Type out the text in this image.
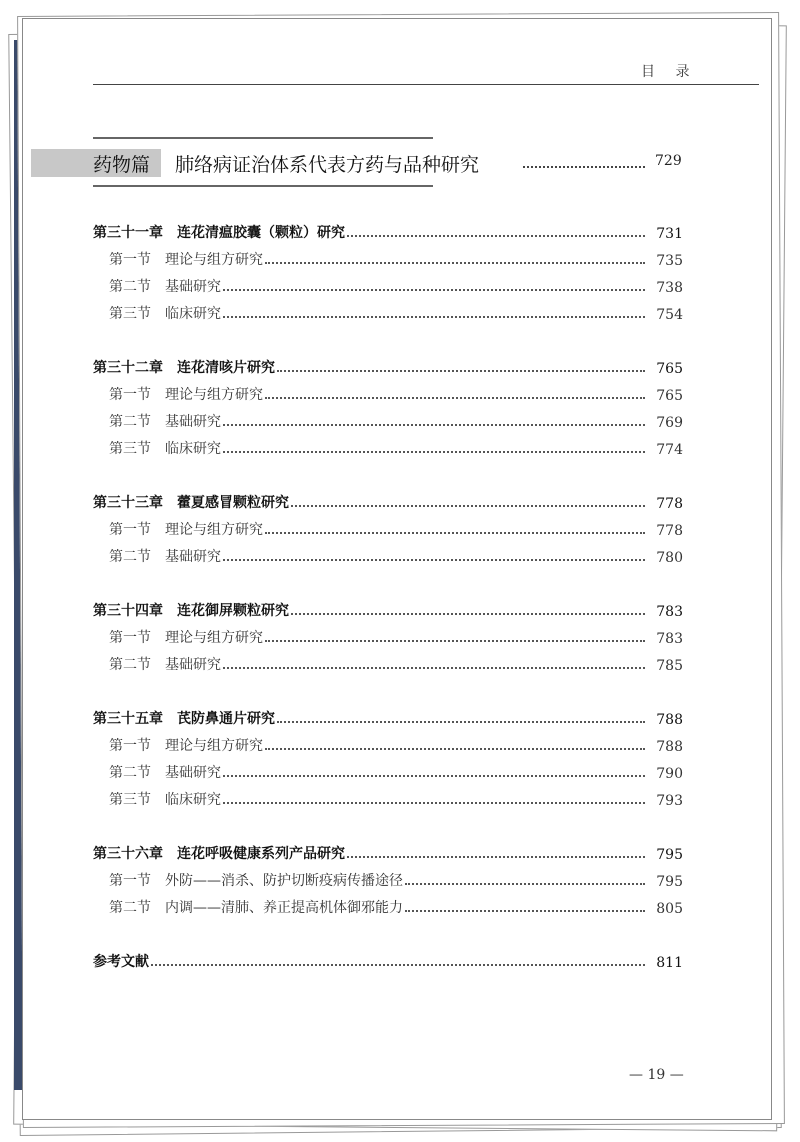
目 录
药物篇 肺络病证治体系代表方药与品种研究	729
第三十一章 连花清瘟胶囊（颗粒）研究	731
第一节 理论与组方研究	735
第二节 基础研究	738
第三节 临床研究	754
第三十二章 连花清咳片研究	765
第一节 理论与组方研究	765
第二节 基础研究	769
第三节 临床研究	774
第三十三章 藿夏感冒颗粒研究	778
第一节 理论与组方研究	778
第二节 基础研究	780
第三十四章 连花御屏颗粒研究	783
第一节 理论与组方研究	783
第二节 基础研究	785
第三十五章 芪防鼻通片研究	788
第一节 理论与组方研究	788
第二节 基础研究	790
第三节 临床研究	793
第三十六章 连花呼吸健康系列产品研究	795
第一节 外防——消杀、防护切断疫病传播途径	795
第二节 内调——清肺、养正提高机体御邪能力	805
参考文献	811
— 19 —
